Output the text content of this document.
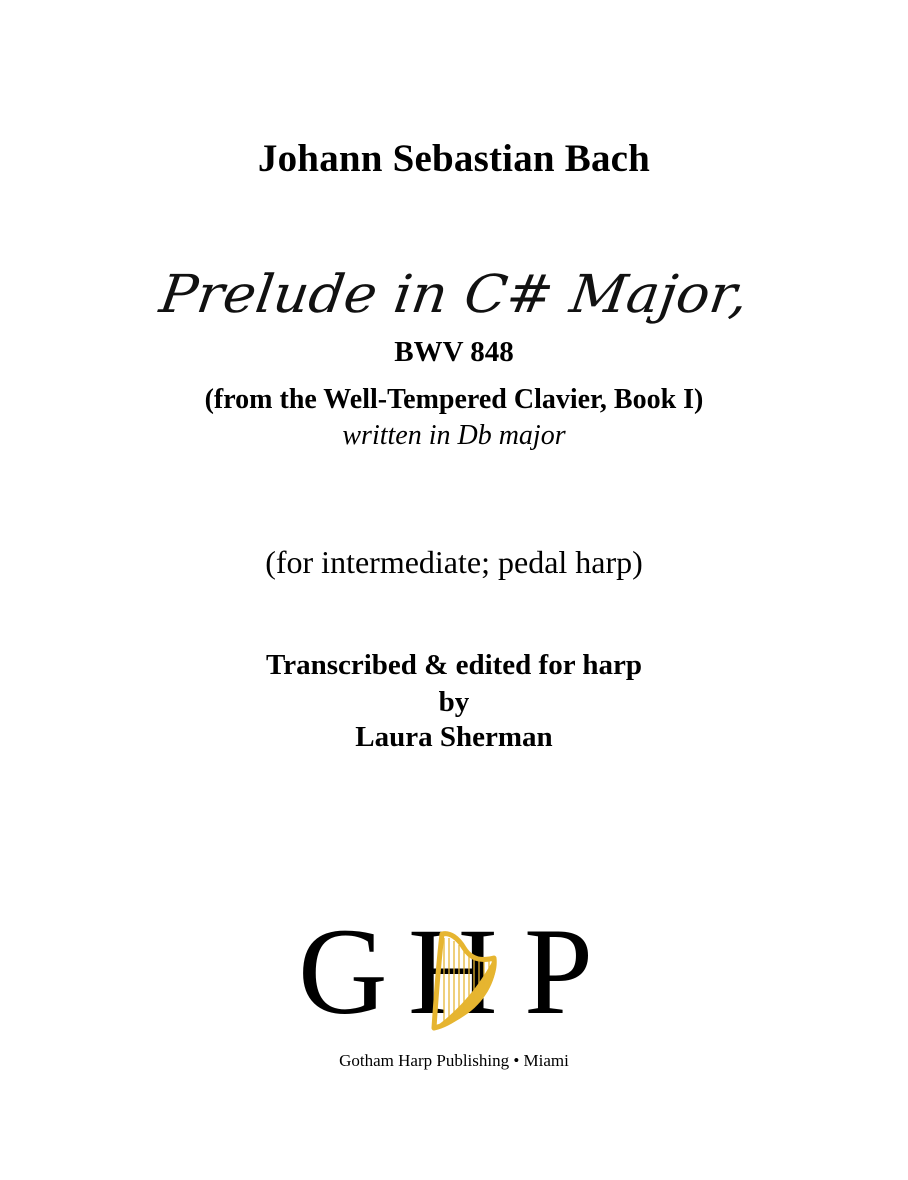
Johann Sebastian Bach
Prelude in C# Major,
BWV 848
(from the Well-Tempered Clavier, Book I)
written in Db major
(for intermediate; pedal harp)
Transcribed & edited for harp
by
Laura Sherman
G H P
Gotham Harp Publishing • Miami
